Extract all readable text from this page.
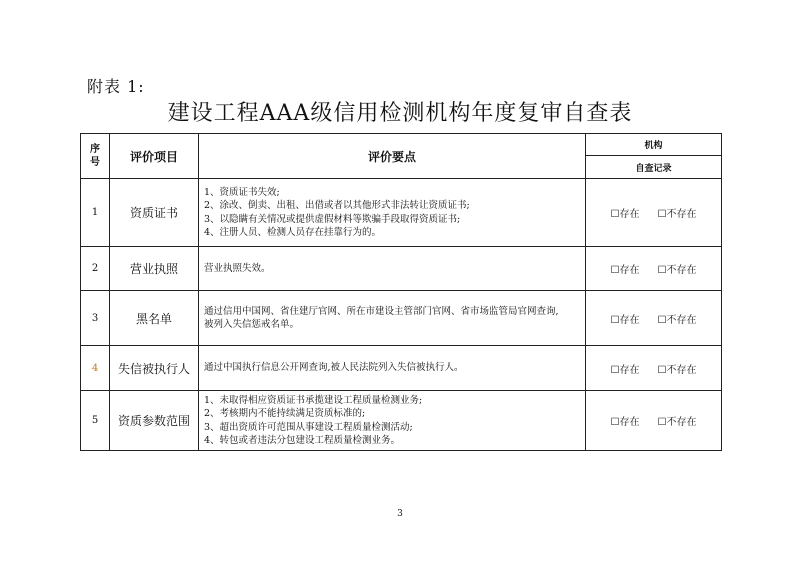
附表 1:
建设工程AAA级信用检测机构年度复审自查表
序号	评价项目	评价要点	机构
			自查记录
1	资质证书	1、资质证书失效;
2、涂改、倒卖、出租、出借或者以其他形式非法转让资质证书;
3、以隐瞒有关情况或提供虚假材料等欺骗手段取得资质证书;
4、注册人员、检测人员存在挂靠行为的。	☐存在 ☐不存在
2	营业执照	营业执照失效。	☐存在 ☐不存在
3	黑名单	通过信用中国网、省住建厅官网、所在市建设主管部门官网、省市场监管局官网查询,
被列入失信惩戒名单。	☐存在 ☐不存在
4	失信被执行人	通过中国执行信息公开网查询,被人民法院列入失信被执行人。	☐存在 ☐不存在
5	资质参数范围	1、未取得相应资质证书承揽建设工程质量检测业务;
2、考核期内不能持续满足资质标准的;
3、超出资质许可范围从事建设工程质量检测活动;
4、转包或者违法分包建设工程质量检测业务。	☐存在 ☐不存在
3
